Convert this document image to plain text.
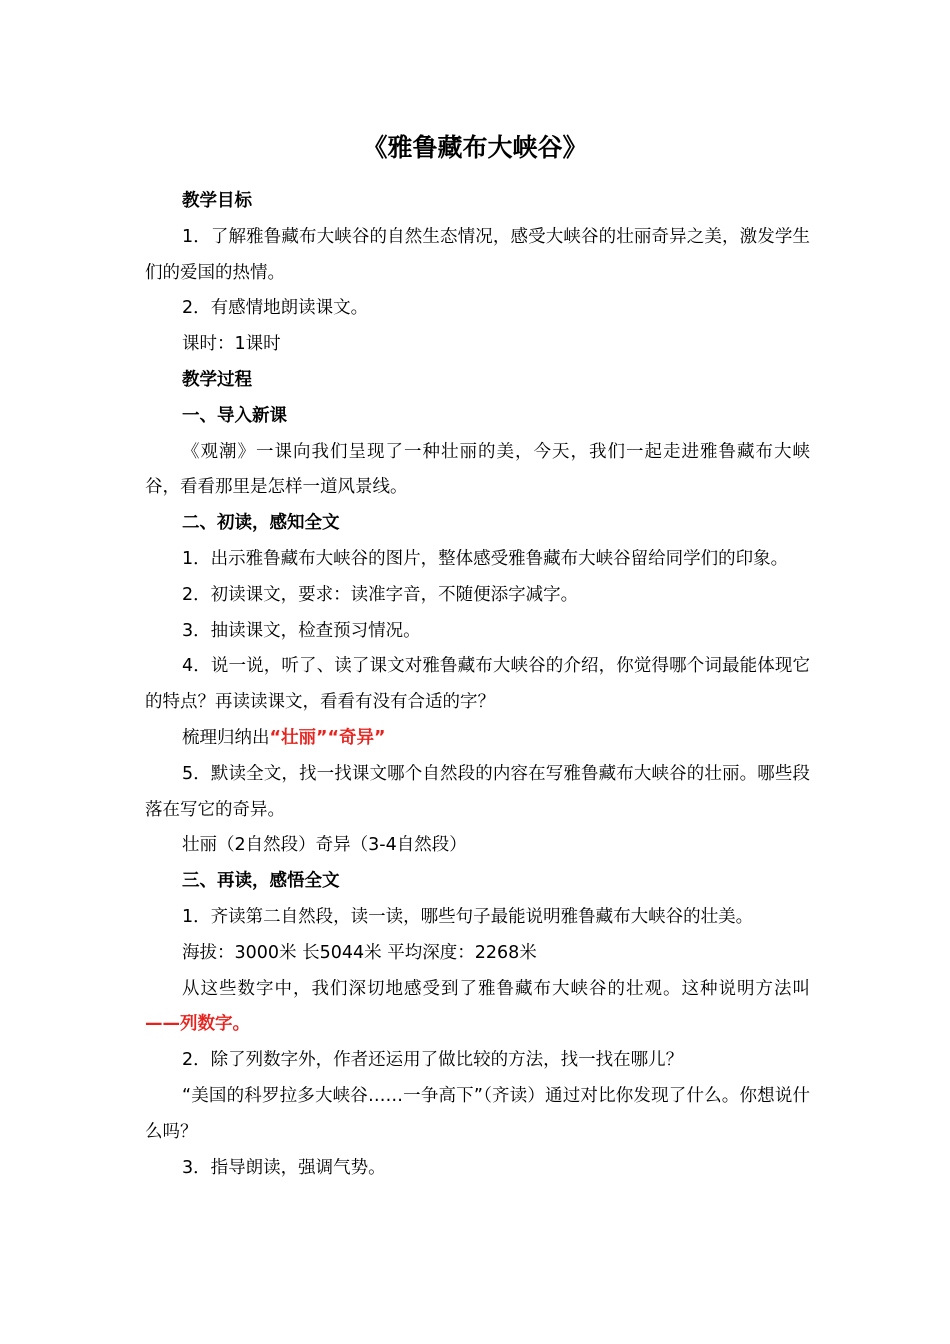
《雅鲁藏布大峡谷》

教学目标

1．了解雅鲁藏布大峡谷的自然生态情况，感受大峡谷的壮丽奇异之美，激发学生们的爱国的热情。

2．有感情地朗读课文。

课时：1课时

教学过程

一、导入新课

《观潮》一课向我们呈现了一种壮丽的美，今天，我们一起走进雅鲁藏布大峡谷，看看那里是怎样一道风景线。

二、初读，感知全文

1．出示雅鲁藏布大峡谷的图片，整体感受雅鲁藏布大峡谷留给同学们的印象。

2．初读课文，要求：读准字音，不随便添字减字。

3．抽读课文，检查预习情况。

4．说一说，听了、读了课文对雅鲁藏布大峡谷的介绍，你觉得哪个词最能体现它的特点？再读读课文，看看有没有合适的字？

梳理归纳出“壮丽”“奇异”

5．默读全文，找一找课文哪个自然段的内容在写雅鲁藏布大峡谷的壮丽。哪些段落在写它的奇异。

壮丽（2自然段）奇异（3-4自然段）

三、再读，感悟全文

1．齐读第二自然段，读一读，哪些句子最能说明雅鲁藏布大峡谷的壮美。

海拔：3000米 长5044米 平均深度：2268米

从这些数字中，我们深切地感受到了雅鲁藏布大峡谷的壮观。这种说明方法叫——列数字。

2．除了列数字外，作者还运用了做比较的方法，找一找在哪儿？

“美国的科罗拉多大峡谷……一争高下”（齐读）通过对比你发现了什么。你想说什么吗？

3．指导朗读，强调气势。
